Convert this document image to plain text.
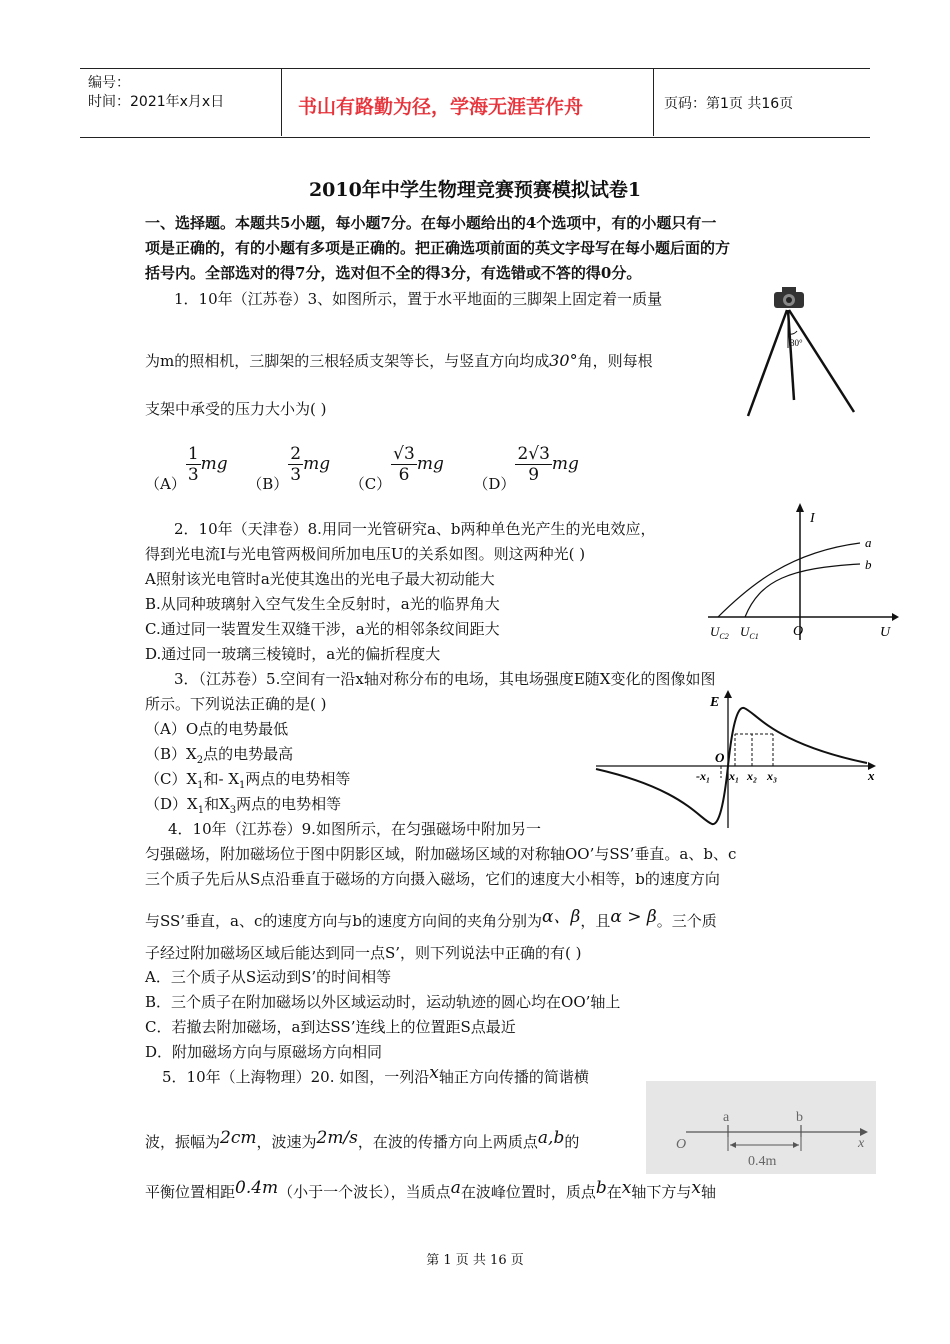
编号：
时间：2021年x月x日	书山有路勤为径，学海无涯苦作舟	页码：第1页 共16页
2010年中学生物理竞赛预赛模拟试卷1
一、选择题。本题共5小题，每小题7分。在每小题给出的4个选项中，有的小题只有一
项是正确的，有的小题有多项是正确的。把正确选项前面的英文字母写在每小题后面的方
括号内。全部选对的得7分，选对但不全的得3分，有选错或不答的得0分。
1．10年（江苏卷）3、如图所示，置于水平地面的三脚架上固定着一质量
为m的照相机，三脚架的三根轻质支架等长，与竖直方向均成30°角，则每根
支架中承受的压力大小为( )
30°
$(A) \frac{1}{3}$ mg  $(B) \frac{2}{3}$ mg  $(C) \frac{√3}{6}$ mg  $(D) \frac{2√3}{9}$ mg
2．10年（天津卷）8.用同一光管研究a、b两种单色光产生的光电效应，
得到光电流I与光电管两极间所加电压U的关系如图。则这两种光( )
A照射该光电管时a光使其逸出的光电子最大初动能大
B.从同种玻璃射入空气发生全反射时，a光的临界角大
C.通过同一装置发生双缝干涉，a光的相邻条纹间距大
D.通过同一玻璃三棱镜时，a光的偏折程度大
I
U
O
a
b
$U_{C2}$ $U_{C1}$
3．（江苏卷）5.空间有一沿x轴对称分布的电场，其电场强度E随X变化的图像如图
所示。下列说法正确的是( )
（A）O点的电势最低
$(B)X_2$点的电势最高
$(C)X_1$和- $X_1$两点的电势相等
$(D)X_1$和$X_3$两点的电势相等
E
x
O
-x₁ x₁ x₂ x₃
4．10年（江苏卷）9.如图所示，在匀强磁场中附加另一
匀强磁场，附加磁场位于图中阴影区域，附加磁场区域的对称轴OO’与SS’垂直。a、b、c
三个质子先后从S点沿垂直于磁场的方向摄入磁场，它们的速度大小相等，b的速度方向
与SS’垂直，a、c的速度方向与b的速度方向间的夹角分别为α、β，且α > β。三个质
子经过附加磁场区域后能达到同一点S’，则下列说法中正确的有( )
A．三个质子从S运动到S’的时间相等
B．三个质子在附加磁场以外区域运动时，运动轨迹的圆心均在OO’轴上
C．若撤去附加磁场，a到达SS’连线上的位置距S点最近
D．附加磁场方向与原磁场方向相同
5．10年（上海物理）20. 如图，一列沿x轴正方向传播的简谐横
波，振幅为2cm，波速为2m/s，在波的传播方向上两质点a,b的
平衡位置相距0.4m（小于一个波长），当质点a在波峰位置时，质点b在x轴下方与x轴
O
a	b
x
0.4m
第 1 页 共 16 页
